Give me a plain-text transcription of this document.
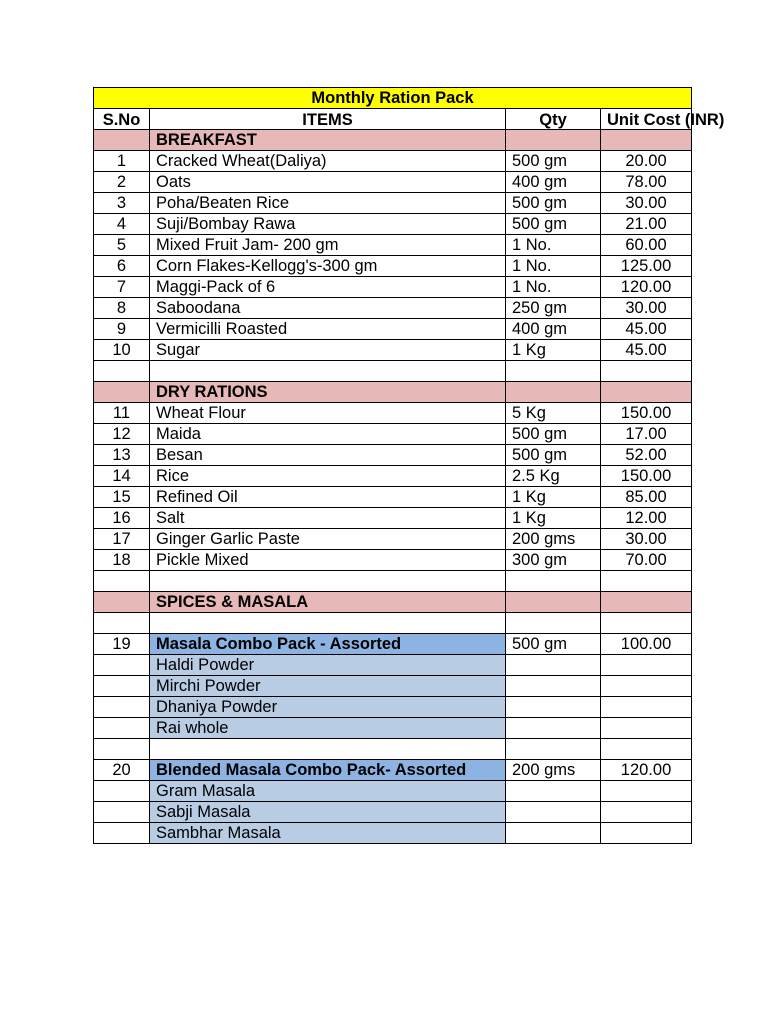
Monthly Ration Pack			
S.No	ITEMS	Qty	Unit Cost (INR)
	BREAKFAST		
1	Cracked Wheat(Daliya)	500 gm	20.00
2	Oats	400 gm	78.00
3	Poha/Beaten Rice	500 gm	30.00
4	Suji/Bombay Rawa	500 gm	21.00
5	Mixed Fruit Jam- 200 gm	1 No.	60.00
6	Corn Flakes-Kellogg's-300 gm	1 No.	125.00
7	Maggi-Pack of 6	1 No.	120.00
8	Saboodana	250 gm	30.00
9	Vermicilli Roasted	400 gm	45.00
10	Sugar	1 Kg	45.00

	DRY RATIONS		
11	Wheat Flour	5 Kg	150.00
12	Maida	500 gm	17.00
13	Besan	500 gm	52.00
14	Rice	2.5 Kg	150.00
15	Refined Oil	1 Kg	85.00
16	Salt	1 Kg	12.00
17	Ginger Garlic Paste	200 gms	30.00
18	Pickle Mixed	300 gm	70.00

	SPICES & MASALA		

19	Masala Combo Pack - Assorted	500 gm	100.00
	Haldi Powder		
	Mirchi Powder		
	Dhaniya Powder		
	Rai whole		

20	Blended Masala Combo Pack- Assorted	200 gms	120.00
	Gram Masala		
	Sabji Masala		
	Sambhar Masala		
